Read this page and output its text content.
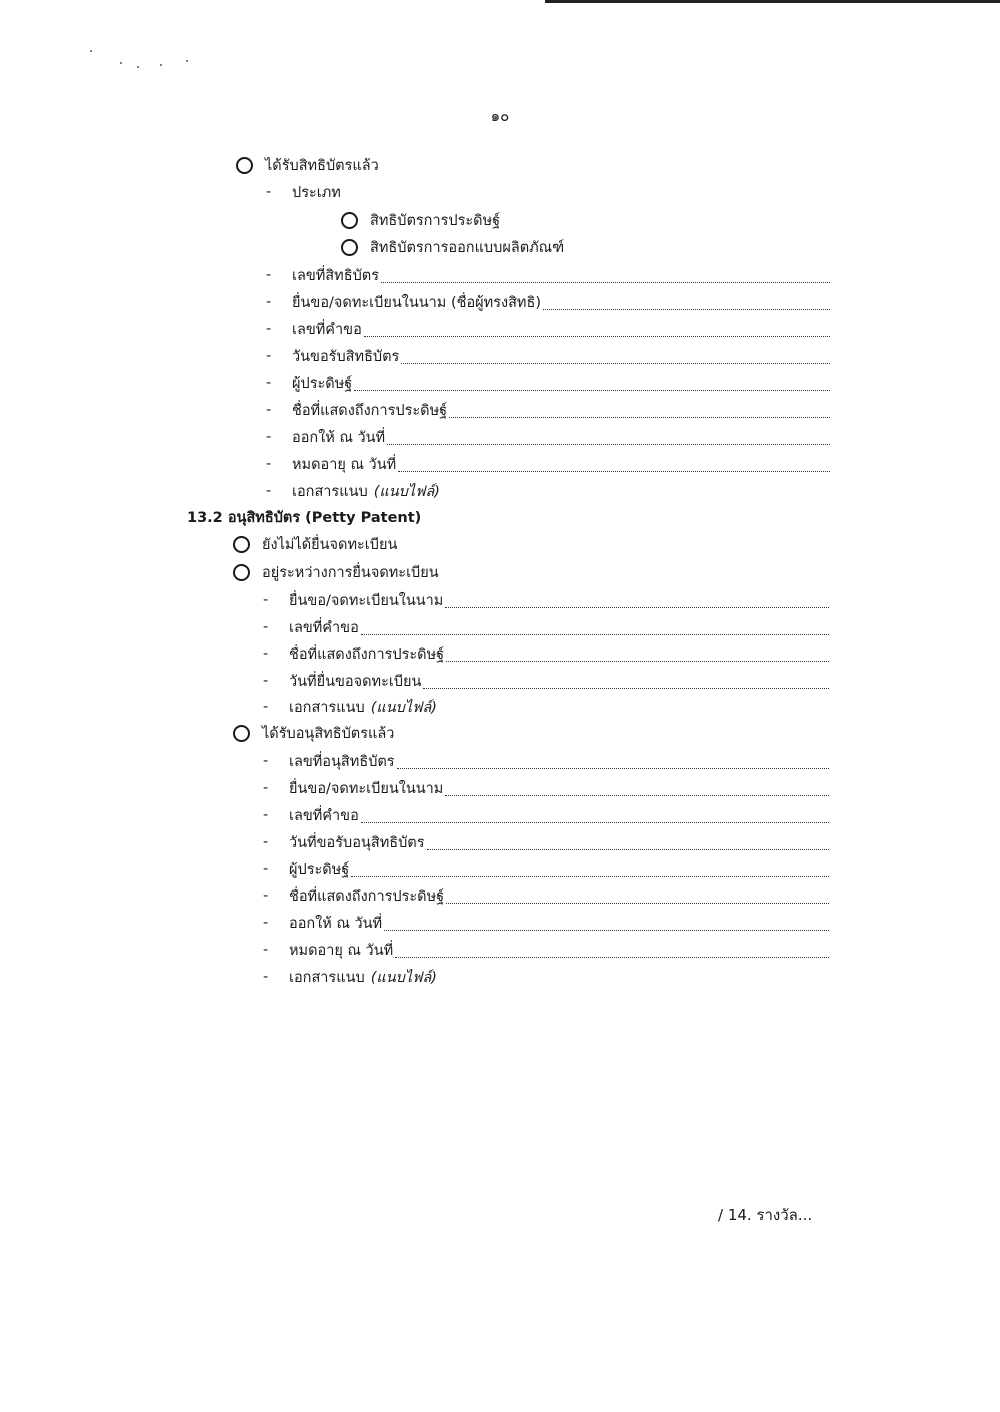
๑๐
ได้รับสิทธิบัตรแล้ว
-	ประเภท
สิทธิบัตรการประดิษฐ์
สิทธิบัตรการออกแบบผลิตภัณฑ์
-	เลขที่สิทธิบัตร
-	ยื่นขอ/จดทะเบียนในนาม (ชื่อผู้ทรงสิทธิ)
-	เลขที่คำขอ
-	วันขอรับสิทธิบัตร
-	ผู้ประดิษฐ์
-	ชื่อที่แสดงถึงการประดิษฐ์
-	ออกให้ ณ วันที่
-	หมดอายุ ณ วันที่
-	เอกสารแนบ (แนบไฟล์)
13.2 อนุสิทธิบัตร (Petty Patent)
ยังไม่ได้ยื่นจดทะเบียน
อยู่ระหว่างการยื่นจดทะเบียน
-	ยื่นขอ/จดทะเบียนในนาม
-	เลขที่คำขอ
-	ชื่อที่แสดงถึงการประดิษฐ์
-	วันที่ยื่นขอจดทะเบียน
-	เอกสารแนบ (แนบไฟล์)
ได้รับอนุสิทธิบัตรแล้ว
-	เลขที่อนุสิทธิบัตร
-	ยื่นขอ/จดทะเบียนในนาม
-	เลขที่คำขอ
-	วันที่ขอรับอนุสิทธิบัตร
-	ผู้ประดิษฐ์
-	ชื่อที่แสดงถึงการประดิษฐ์
-	ออกให้ ณ วันที่
-	หมดอายุ ณ วันที่
-	เอกสารแนบ (แนบไฟล์)
/ 14. รางวัล...
